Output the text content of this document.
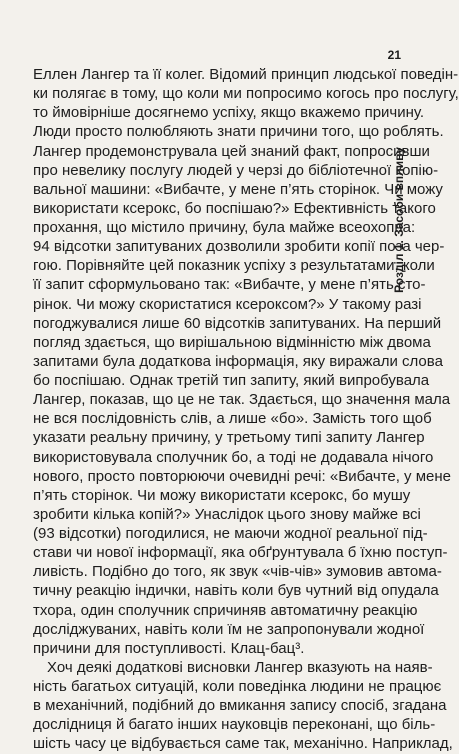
21
Розділ 1. Засоби впливу
Еллен Лангер та її колег. Відомий принцип людської поведін-
ки полягає в тому, що коли ми попросимо когось про послугу,
то ймовірніше досягнемо успіху, якщо вкажемо причину.
Люди просто полюбляють знати причини того, що роблять.
Лангер продемонструвала цей знаний факт, попросивши
про невелику послугу людей у черзі до бібліотечної копію-
вальної машини: «Вибачте, у мене п’ять сторінок. Чи можу
використати ксерокс, бо поспішаю?» Ефективність такого
прохання, що містило причину, була майже всеохопна:
94 відсотки запитуваних дозволили зробити копії поза чер-
гою. Порівняйте цей показник успіху з результатами, коли
її запит сформульовано так: «Вибачте, у мене п’ять сто-
рінок. Чи можу скористатися ксероксом?» У такому разі
погоджувалися лише 60 відсотків запитуваних. На перший
погляд здається, що вирішальною відмінністю між двома
запитами була додаткова інформація, яку виражали слова
бо поспішаю. Однак третій тип запиту, який випробувала
Лангер, показав, що це не так. Здається, що значення мала
не вся послідовність слів, а лише «бо». Замість того щоб
указати реальну причину, у третьому типі запиту Лангер
використовувала сполучник бо, а тоді не додавала нічого
нового, просто повторюючи очевидні речі: «Вибачте, у мене
п’ять сторінок. Чи можу використати ксерокс, бо мушу
зробити кілька копій?» Унаслідок цього знову майже всі
(93 відсотки) погодилися, не маючи жодної реальної під-
стави чи нової інформації, яка обґрунтувала б їхню поступ-
ливість. Подібно до того, як звук «чів-чів» зумовив автома-
тичну реакцію індички, навіть коли був чутний від опудала
тхора, один сполучник спричиняв автоматичну реакцію
досліджуваних, навіть коли їм не запропонували жодної
причини для поступливості. Клац-бац³.
Хоч деякі додаткові висновки Лангер вказують на наяв-
ність багатьох ситуацій, коли поведінка людини не працює
в механічний, подібний до вмикання запису спосіб, згадана
дослідниця й багато інших науковців переконані, що біль-
шість часу це відбувається саме так, механічно. Наприклад,
